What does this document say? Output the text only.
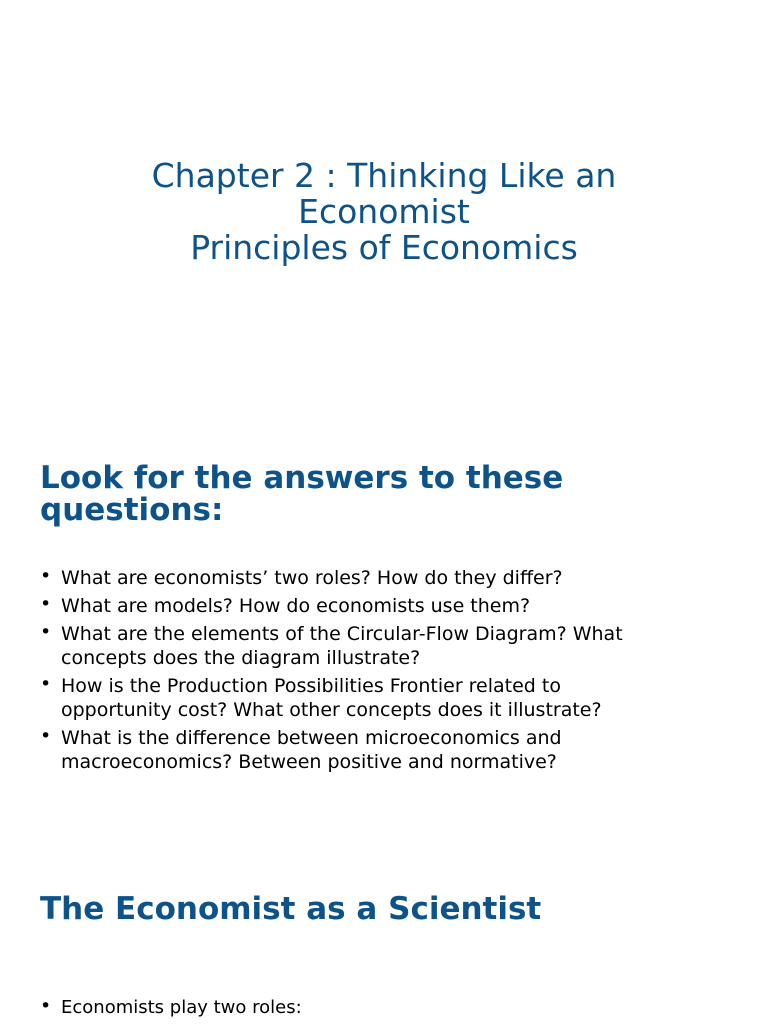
Chapter 2 : Thinking Like an
Economist
Principles of Economics
Look for the answers to these
questions:
• What are economists’ two roles? How do they differ?
• What are models? How do economists use them?
• What are the elements of the Circular-Flow Diagram? What
concepts does the diagram illustrate?
• How is the Production Possibilities Frontier related to
opportunity cost? What other concepts does it illustrate?
• What is the difference between microeconomics and
macroeconomics? Between positive and normative?
The Economist as a Scientist
• Economists play two roles:
